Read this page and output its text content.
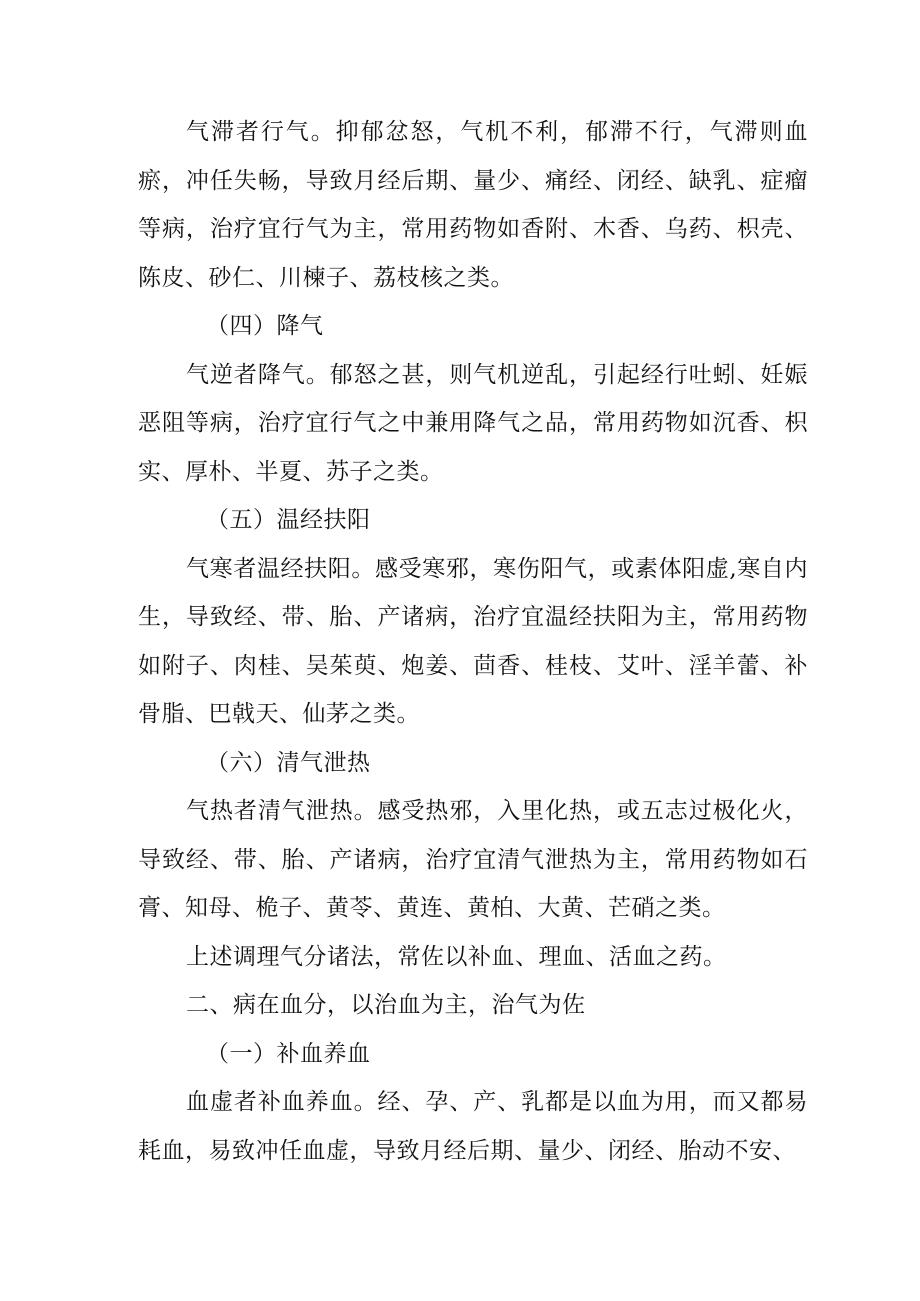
气滞者行气。抑郁忿怒，气机不利，郁滞不行，气滞则血瘀，冲任失畅，导致月经后期、量少、痛经、闭经、缺乳、症瘤等病，治疗宜行气为主，常用药物如香附、木香、乌药、枳壳、陈皮、砂仁、川楝子、荔枝核之类。

（四）降气

气逆者降气。郁怒之甚，则气机逆乱，引起经行吐蚓、妊娠恶阻等病，治疗宜行气之中兼用降气之品，常用药物如沉香、枳实、厚朴、半夏、苏子之类。

（五）温经扶阳

气寒者温经扶阳。感受寒邪，寒伤阳气，或素体阳虚,寒自内生，导致经、带、胎、产诸病，治疗宜温经扶阳为主，常用药物如附子、肉桂、吴茱萸、炮姜、茴香、桂枝、艾叶、淫羊蕾、补骨脂、巴戟天、仙茅之类。

（六）清气泄热

气热者清气泄热。感受热邪，入里化热，或五志过极化火，导致经、带、胎、产诸病，治疗宜清气泄热为主，常用药物如石膏、知母、桅子、黄苓、黄连、黄柏、大黄、芒硝之类。

上述调理气分诸法，常佐以补血、理血、活血之药。

二、病在血分，以治血为主，治气为佐

（一）补血养血

血虚者补血养血。经、孕、产、乳都是以血为用，而又都易耗血，易致冲任血虚，导致月经后期、量少、闭经、胎动不安、
